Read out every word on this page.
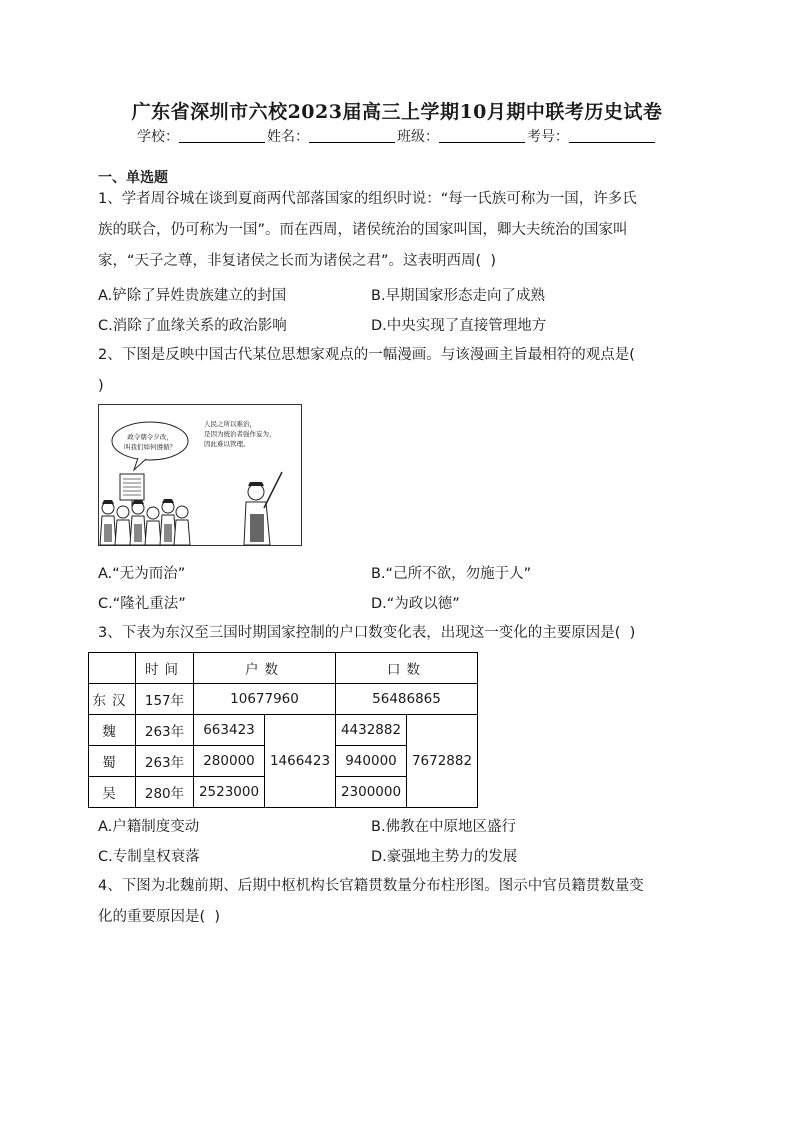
广东省深圳市六校2023届高三上学期10月期中联考历史试卷
学校：	姓名：	班级：	考号：
一、单选题
1、学者周谷城在谈到夏商两代部落国家的组织时说：“每一氏族可称为一国，许多氏
族的联合，仍可称为一国”。而在西周，诸侯统治的国家叫国，卿大夫统治的国家叫
家，“天子之尊，非复诸侯之长而为诸侯之君”。这表明西周(  )
A.铲除了异姓贵族建立的封国	B.早期国家形态走向了成熟
C.消除了血缘关系的政治影响	D.中央实现了直接管理地方
2、下图是反映中国古代某位思想家观点的一幅漫画。与该漫画主旨最相符的观点是(
)
政令朝令夕改，
叫我们如何遵循？
人民之所以难治，
是因为统治者强作妄为，
因此难以管理。
A.“无为而治”	B.“己所不欲，勿施于人”
C.“隆礼重法”	D.“为政以德”
3、下表为东汉至三国时期国家控制的户口数变化表，出现这一变化的主要原因是(  )
	时间	户数		口数	
东汉	157年	10677960		56486865	
魏	263年	663423	1466423	4432882	7672882
蜀	263年	280000		940000	
吴	280年	2523000		2300000	
A.户籍制度变动	B.佛教在中原地区盛行
C.专制皇权衰落	D.豪强地主势力的发展
4、下图为北魏前期、后期中枢机构长官籍贯数量分布柱形图。图示中官员籍贯数量变
化的重要原因是(  )
